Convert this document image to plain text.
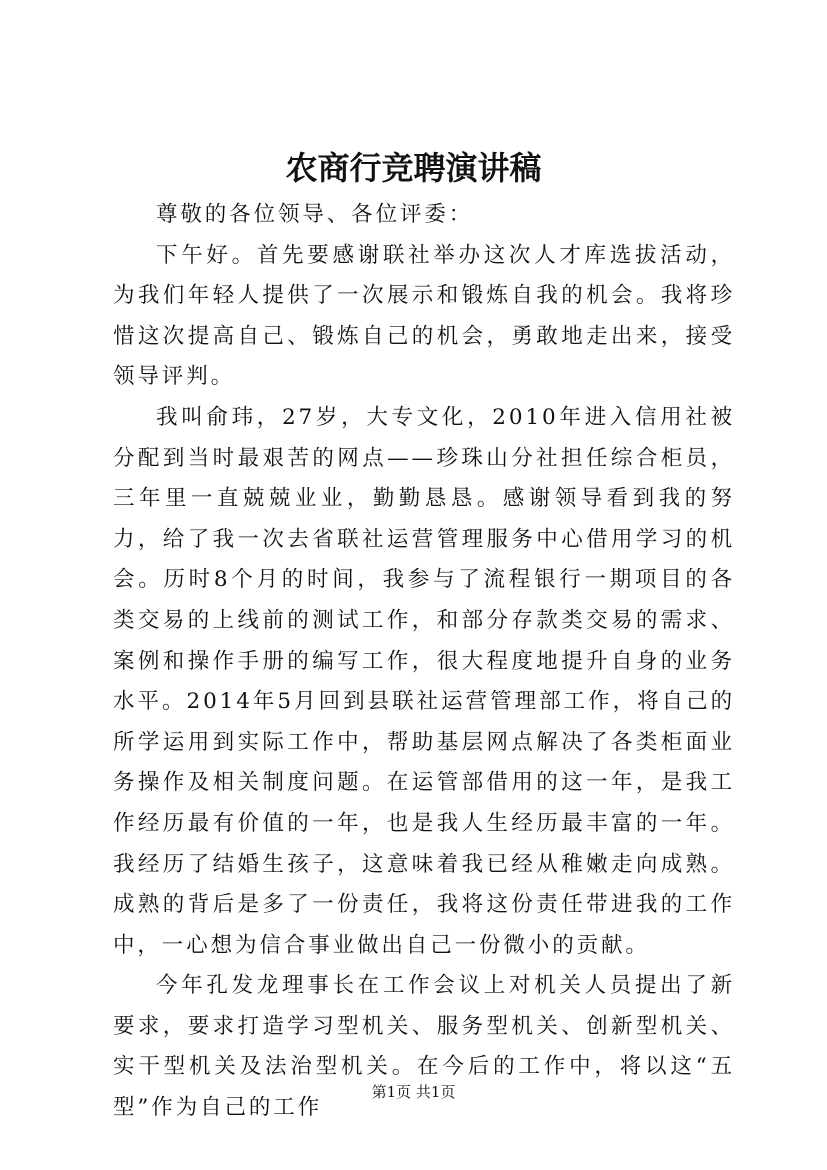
农商行竞聘演讲稿

尊敬的各位领导、各位评委：

下午好。首先要感谢联社举办这次人才库选拔活动，为我们年轻人提供了一次展示和锻炼自我的机会。我将珍惜这次提高自己、锻炼自己的机会，勇敢地走出来，接受领导评判。

我叫俞玮，27岁，大专文化，2010年进入信用社被分配到当时最艰苦的网点——珍珠山分社担任综合柜员，三年里一直兢兢业业，勤勤恳恳。感谢领导看到我的努力，给了我一次去省联社运营管理服务中心借用学习的机会。历时8个月的时间，我参与了流程银行一期项目的各类交易的上线前的测试工作，和部分存款类交易的需求、案例和操作手册的编写工作，很大程度地提升自身的业务水平。2014年5月回到县联社运营管理部工作，将自己的所学运用到实际工作中，帮助基层网点解决了各类柜面业务操作及相关制度问题。在运管部借用的这一年，是我工作经历最有价值的一年，也是我人生经历最丰富的一年。我经历了结婚生孩子，这意味着我已经从稚嫩走向成熟。成熟的背后是多了一份责任，我将这份责任带进我的工作中，一心想为信合事业做出自己一份微小的贡献。

今年孔发龙理事长在工作会议上对机关人员提出了新要求，要求打造学习型机关、服务型机关、创新型机关、实干型机关及法治型机关。在今后的工作中，将以这“五型”作为自己的工作

第1页 共1页
